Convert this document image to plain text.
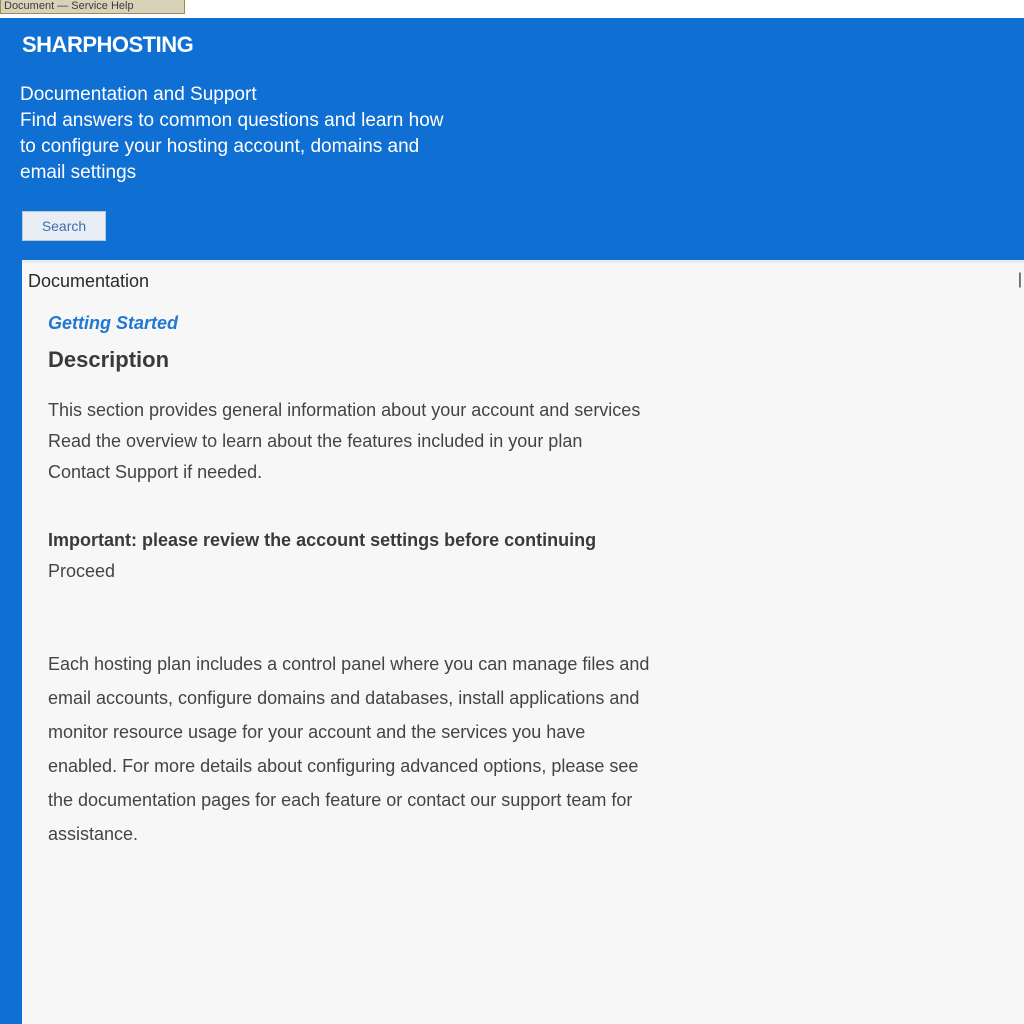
Document — Service Help
SHARPHOSTING
Documentation and Support
Find answers to common questions and learn how
to configure your hosting account, domains and
email settings
Search
Documentation	|
Getting Started
Description
This section provides general information about your account and services
Read the overview to learn about the features included in your plan
Contact Support if needed.
Important: please review the account settings before continuing
Proceed
Each hosting plan includes a control panel where you can manage files and
email accounts, configure domains and databases, install applications and
monitor resource usage for your account and the services you have
enabled. For more details about configuring advanced options, please see
the documentation pages for each feature or contact our support team for
assistance.
